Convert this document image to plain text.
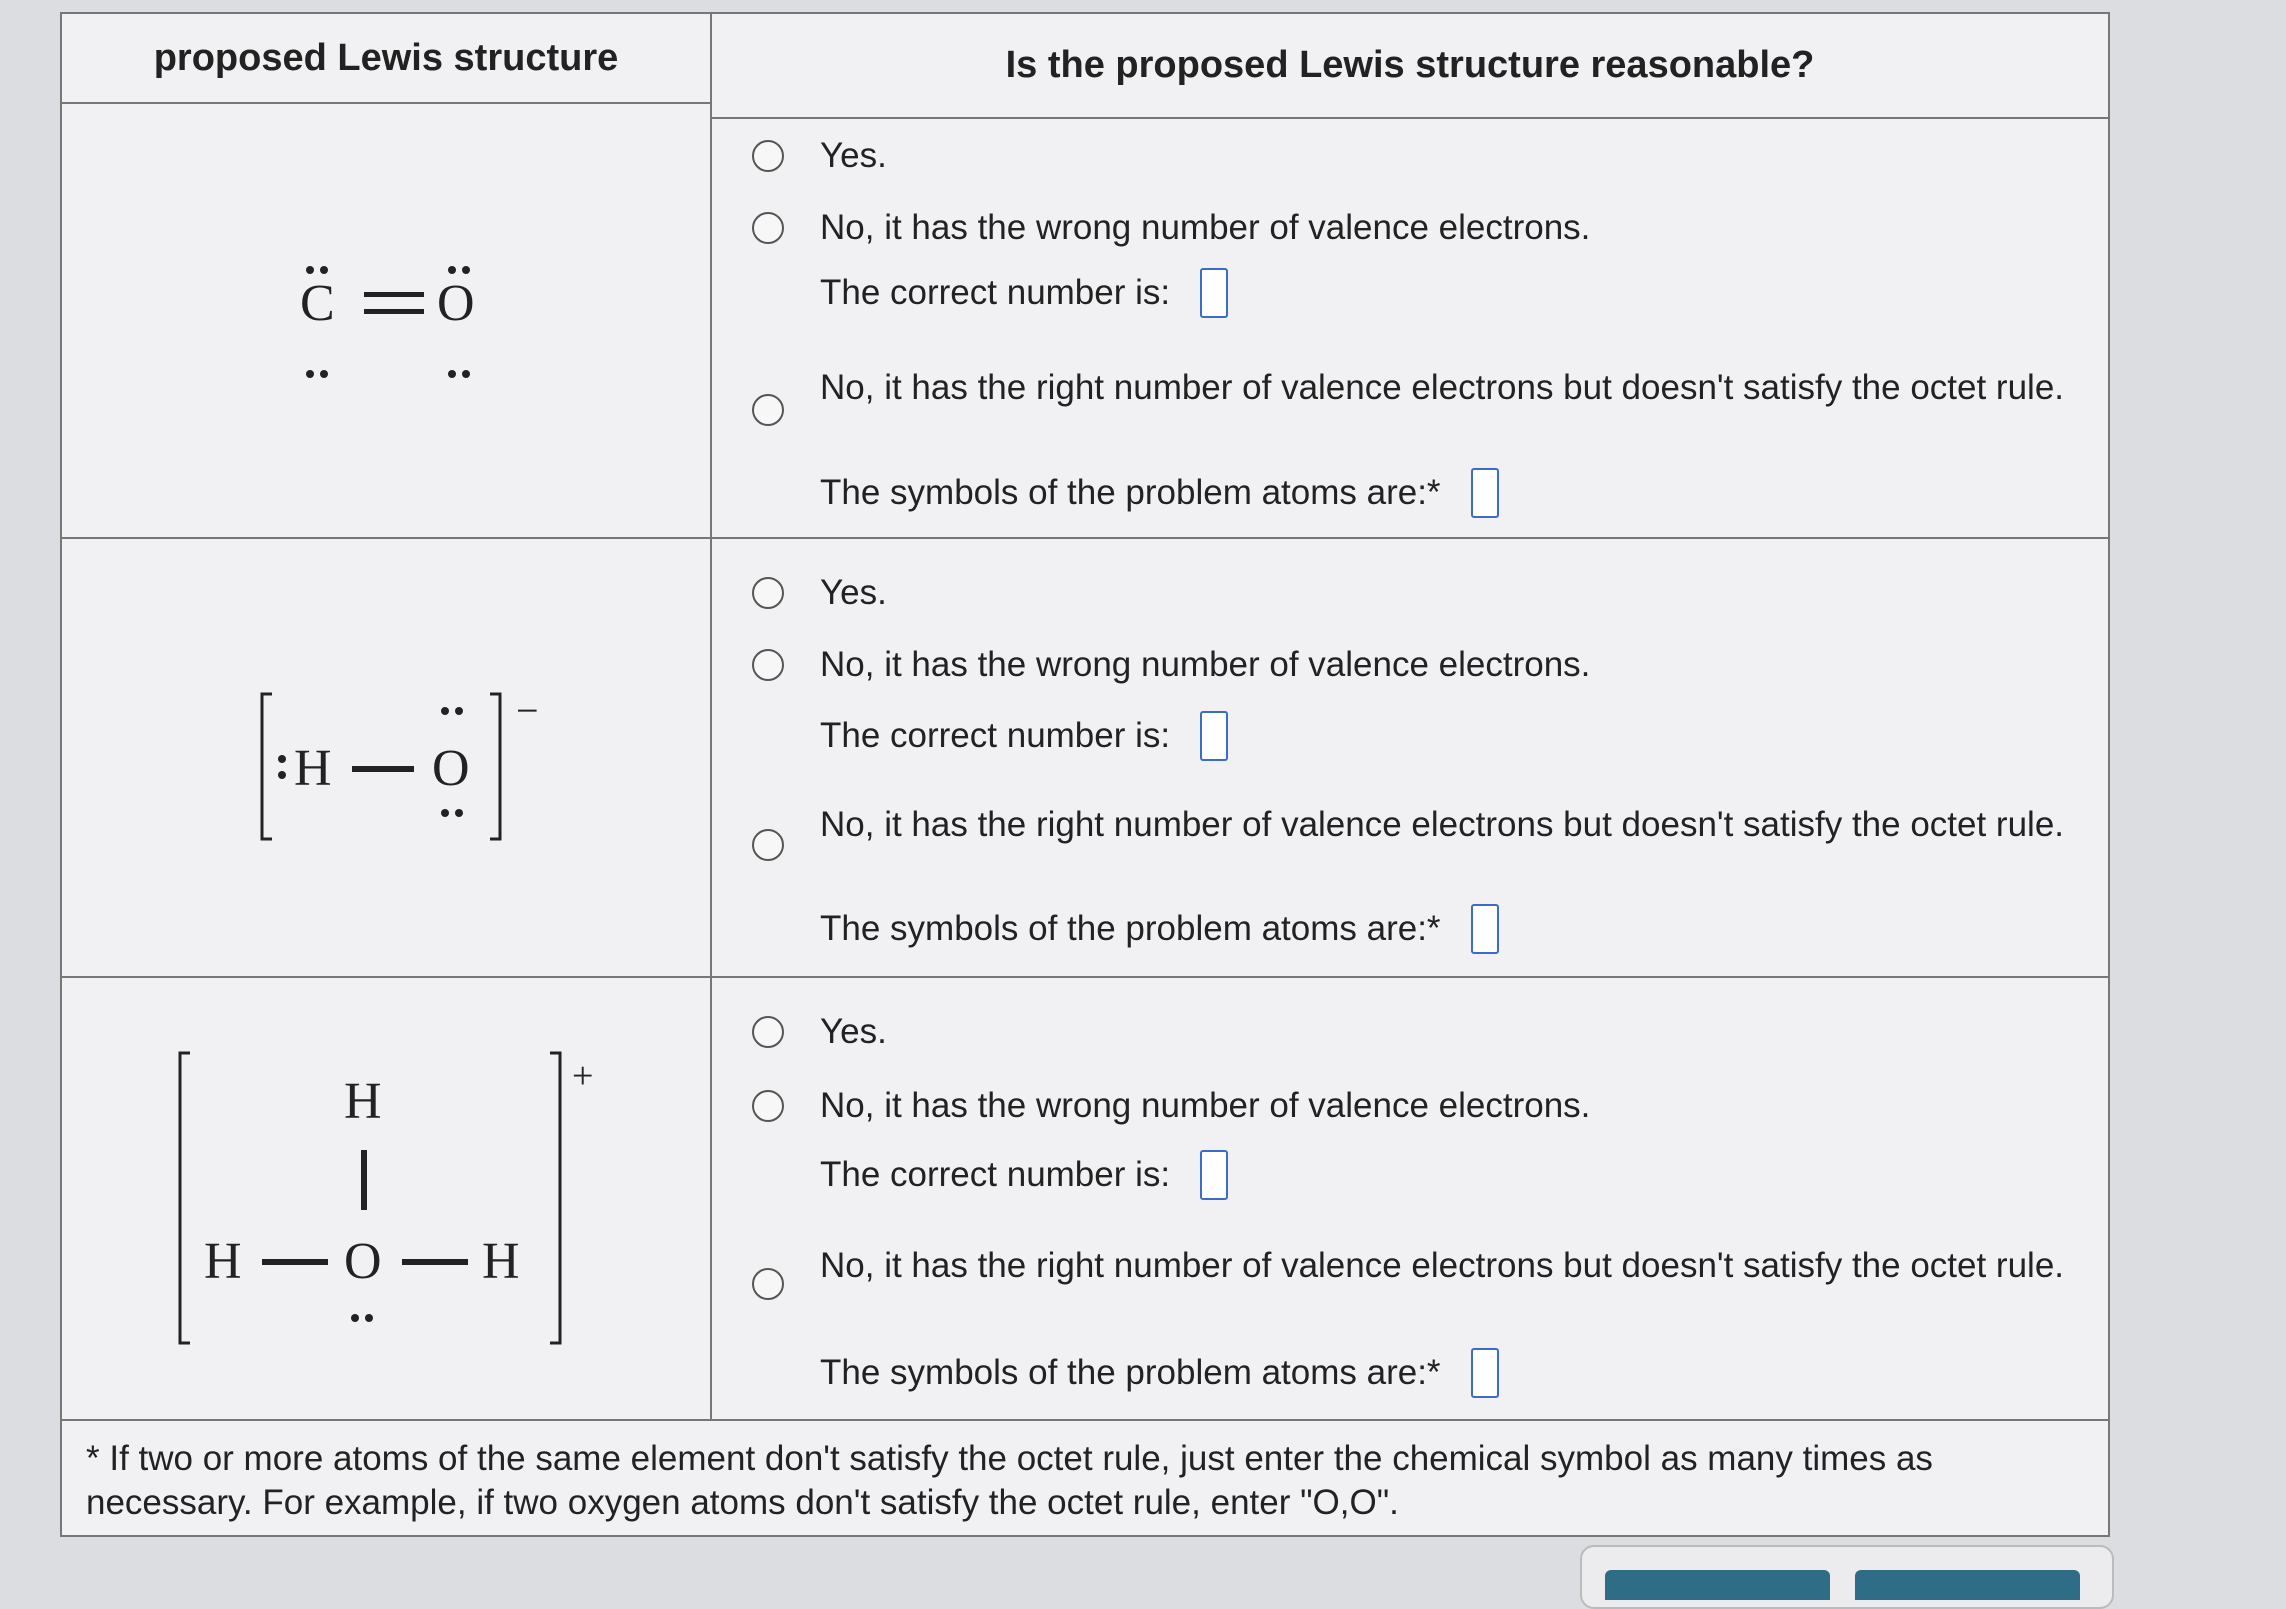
proposed Lewis structure	Is the proposed Lewis structure reasonable?
C O
Yes.
No, it has the wrong number of valence electrons.
The correct number is:
No, it has the right number of valence electrons but doesn't satisfy the octet rule.
The symbols of the problem atoms are:*
−
H O
Yes.
No, it has the wrong number of valence electrons.
The correct number is:
No, it has the right number of valence electrons but doesn't satisfy the octet rule.
The symbols of the problem atoms are:*
+
H
H O H
Yes.
No, it has the wrong number of valence electrons.
The correct number is:
No, it has the right number of valence electrons but doesn't satisfy the octet rule.
The symbols of the problem atoms are:*
* If two or more atoms of the same element don't satisfy the octet rule, just enter the chemical symbol as many times as necessary. For example, if two oxygen atoms don't satisfy the octet rule, enter "O,O".
